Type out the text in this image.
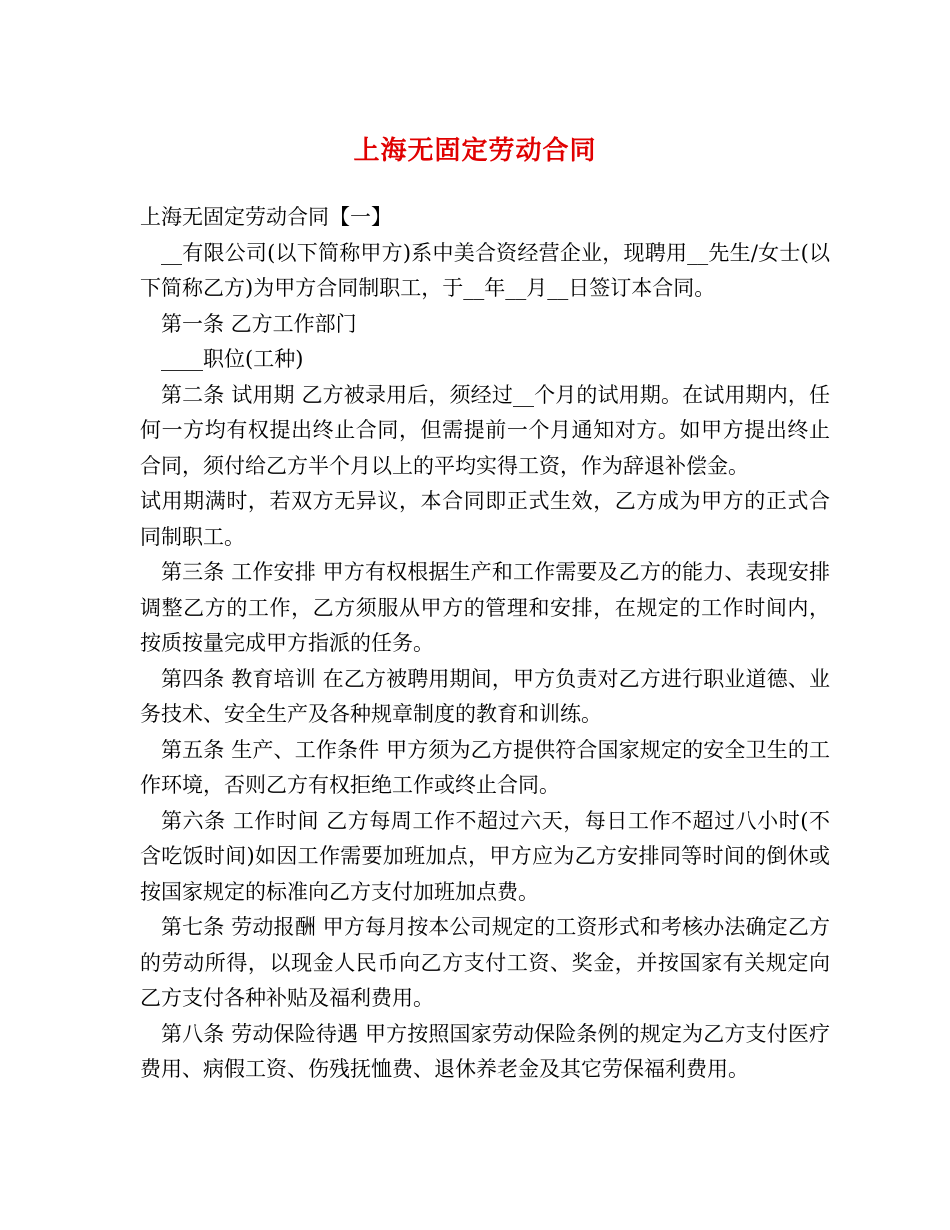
上海无固定劳动合同

上海无固定劳动合同【一】

__有限公司(以下简称甲方)系中美合资经营企业，现聘用__先生/女士(以下简称乙方)为甲方合同制职工，于__年__月__日签订本合同。

第一条 乙方工作部门

____职位(工种)

第二条 试用期 乙方被录用后，须经过__个月的试用期。在试用期内，任何一方均有权提出终止合同，但需提前一个月通知对方。如甲方提出终止合同，须付给乙方半个月以上的平均实得工资，作为辞退补偿金。

试用期满时，若双方无异议，本合同即正式生效，乙方成为甲方的正式合同制职工。

第三条 工作安排 甲方有权根据生产和工作需要及乙方的能力、表现安排调整乙方的工作，乙方须服从甲方的管理和安排，在规定的工作时间内，按质按量完成甲方指派的任务。

第四条 教育培训 在乙方被聘用期间，甲方负责对乙方进行职业道德、业务技术、安全生产及各种规章制度的教育和训练。

第五条 生产、工作条件 甲方须为乙方提供符合国家规定的安全卫生的工作环境，否则乙方有权拒绝工作或终止合同。

第六条 工作时间 乙方每周工作不超过六天，每日工作不超过八小时(不含吃饭时间)如因工作需要加班加点，甲方应为乙方安排同等时间的倒休或按国家规定的标准向乙方支付加班加点费。

第七条 劳动报酬 甲方每月按本公司规定的工资形式和考核办法确定乙方的劳动所得，以现金人民币向乙方支付工资、奖金，并按国家有关规定向乙方支付各种补贴及福利费用。

第八条 劳动保险待遇 甲方按照国家劳动保险条例的规定为乙方支付医疗费用、病假工资、伤残抚恤费、退休养老金及其它劳保福利费用。
